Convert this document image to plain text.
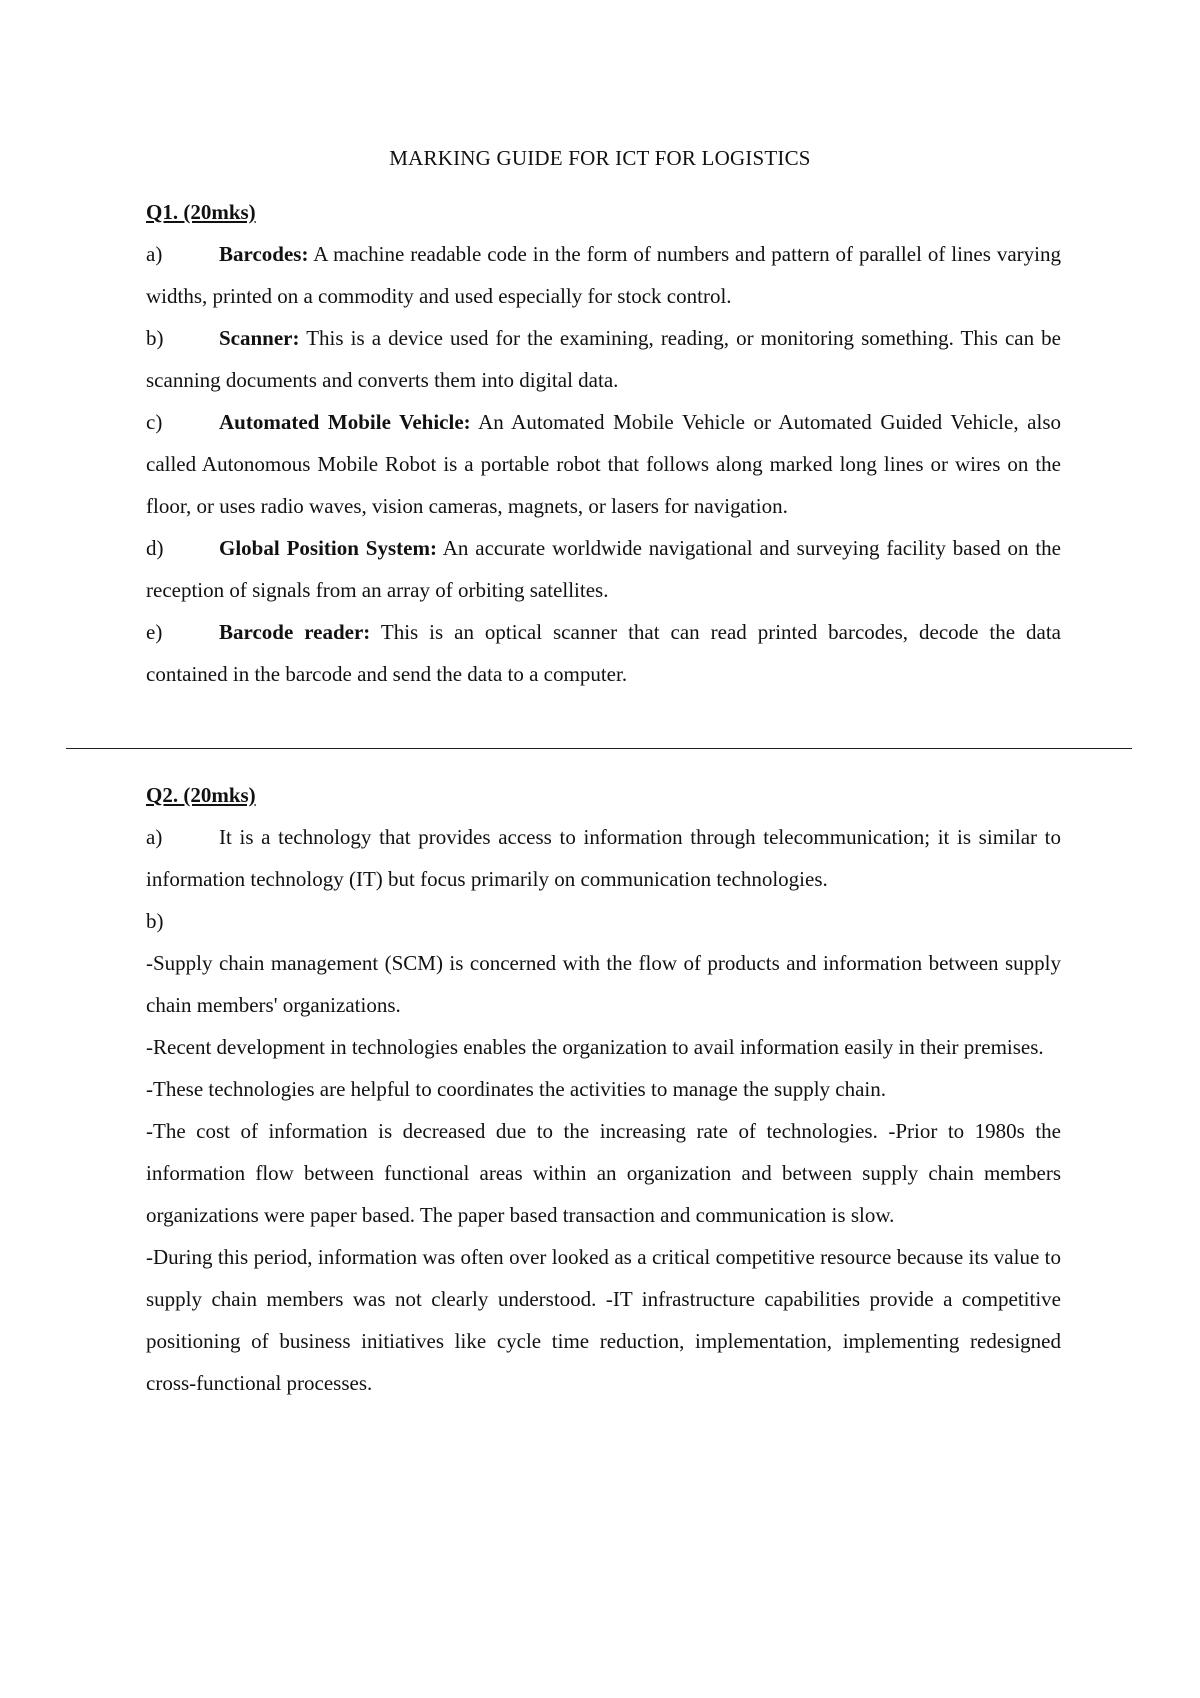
MARKING GUIDE FOR ICT FOR LOGISTICS

Q1. (20mks)

a)	Barcodes: A machine readable code in the form of numbers and pattern of parallel of lines varying widths, printed on a commodity and used especially for stock control.

b)	Scanner: This is a device used for the examining, reading, or monitoring something. This can be scanning documents and converts them into digital data.

c)	Automated Mobile Vehicle: An Automated Mobile Vehicle or Automated Guided Vehicle, also called Autonomous Mobile Robot is a portable robot that follows along marked long lines or wires on the floor, or uses radio waves, vision cameras, magnets, or lasers for navigation.

d)	Global Position System: An accurate worldwide navigational and surveying facility based on the reception of signals from an array of orbiting satellites.

e)	Barcode reader: This is an optical scanner that can read printed barcodes, decode the data contained in the barcode and send the data to a computer.

Q2. (20mks)

a)	It is a technology that provides access to information through telecommunication; it is similar to information technology (IT) but focus primarily on communication technologies.

b)

-Supply chain management (SCM) is concerned with the flow of products and information between supply chain members' organizations.

-Recent development in technologies enables the organization to avail information easily in their premises.

-These technologies are helpful to coordinates the activities to manage the supply chain.

-The cost of information is decreased due to the increasing rate of technologies. -Prior to 1980s the information flow between functional areas within an organization and between supply chain members organizations were paper based. The paper based transaction and communication is slow.

-During this period, information was often over looked as a critical competitive resource because its value to supply chain members was not clearly understood. -IT infrastructure capabilities provide a competitive positioning of business initiatives like cycle time reduction, implementation, implementing redesigned cross-functional processes.
